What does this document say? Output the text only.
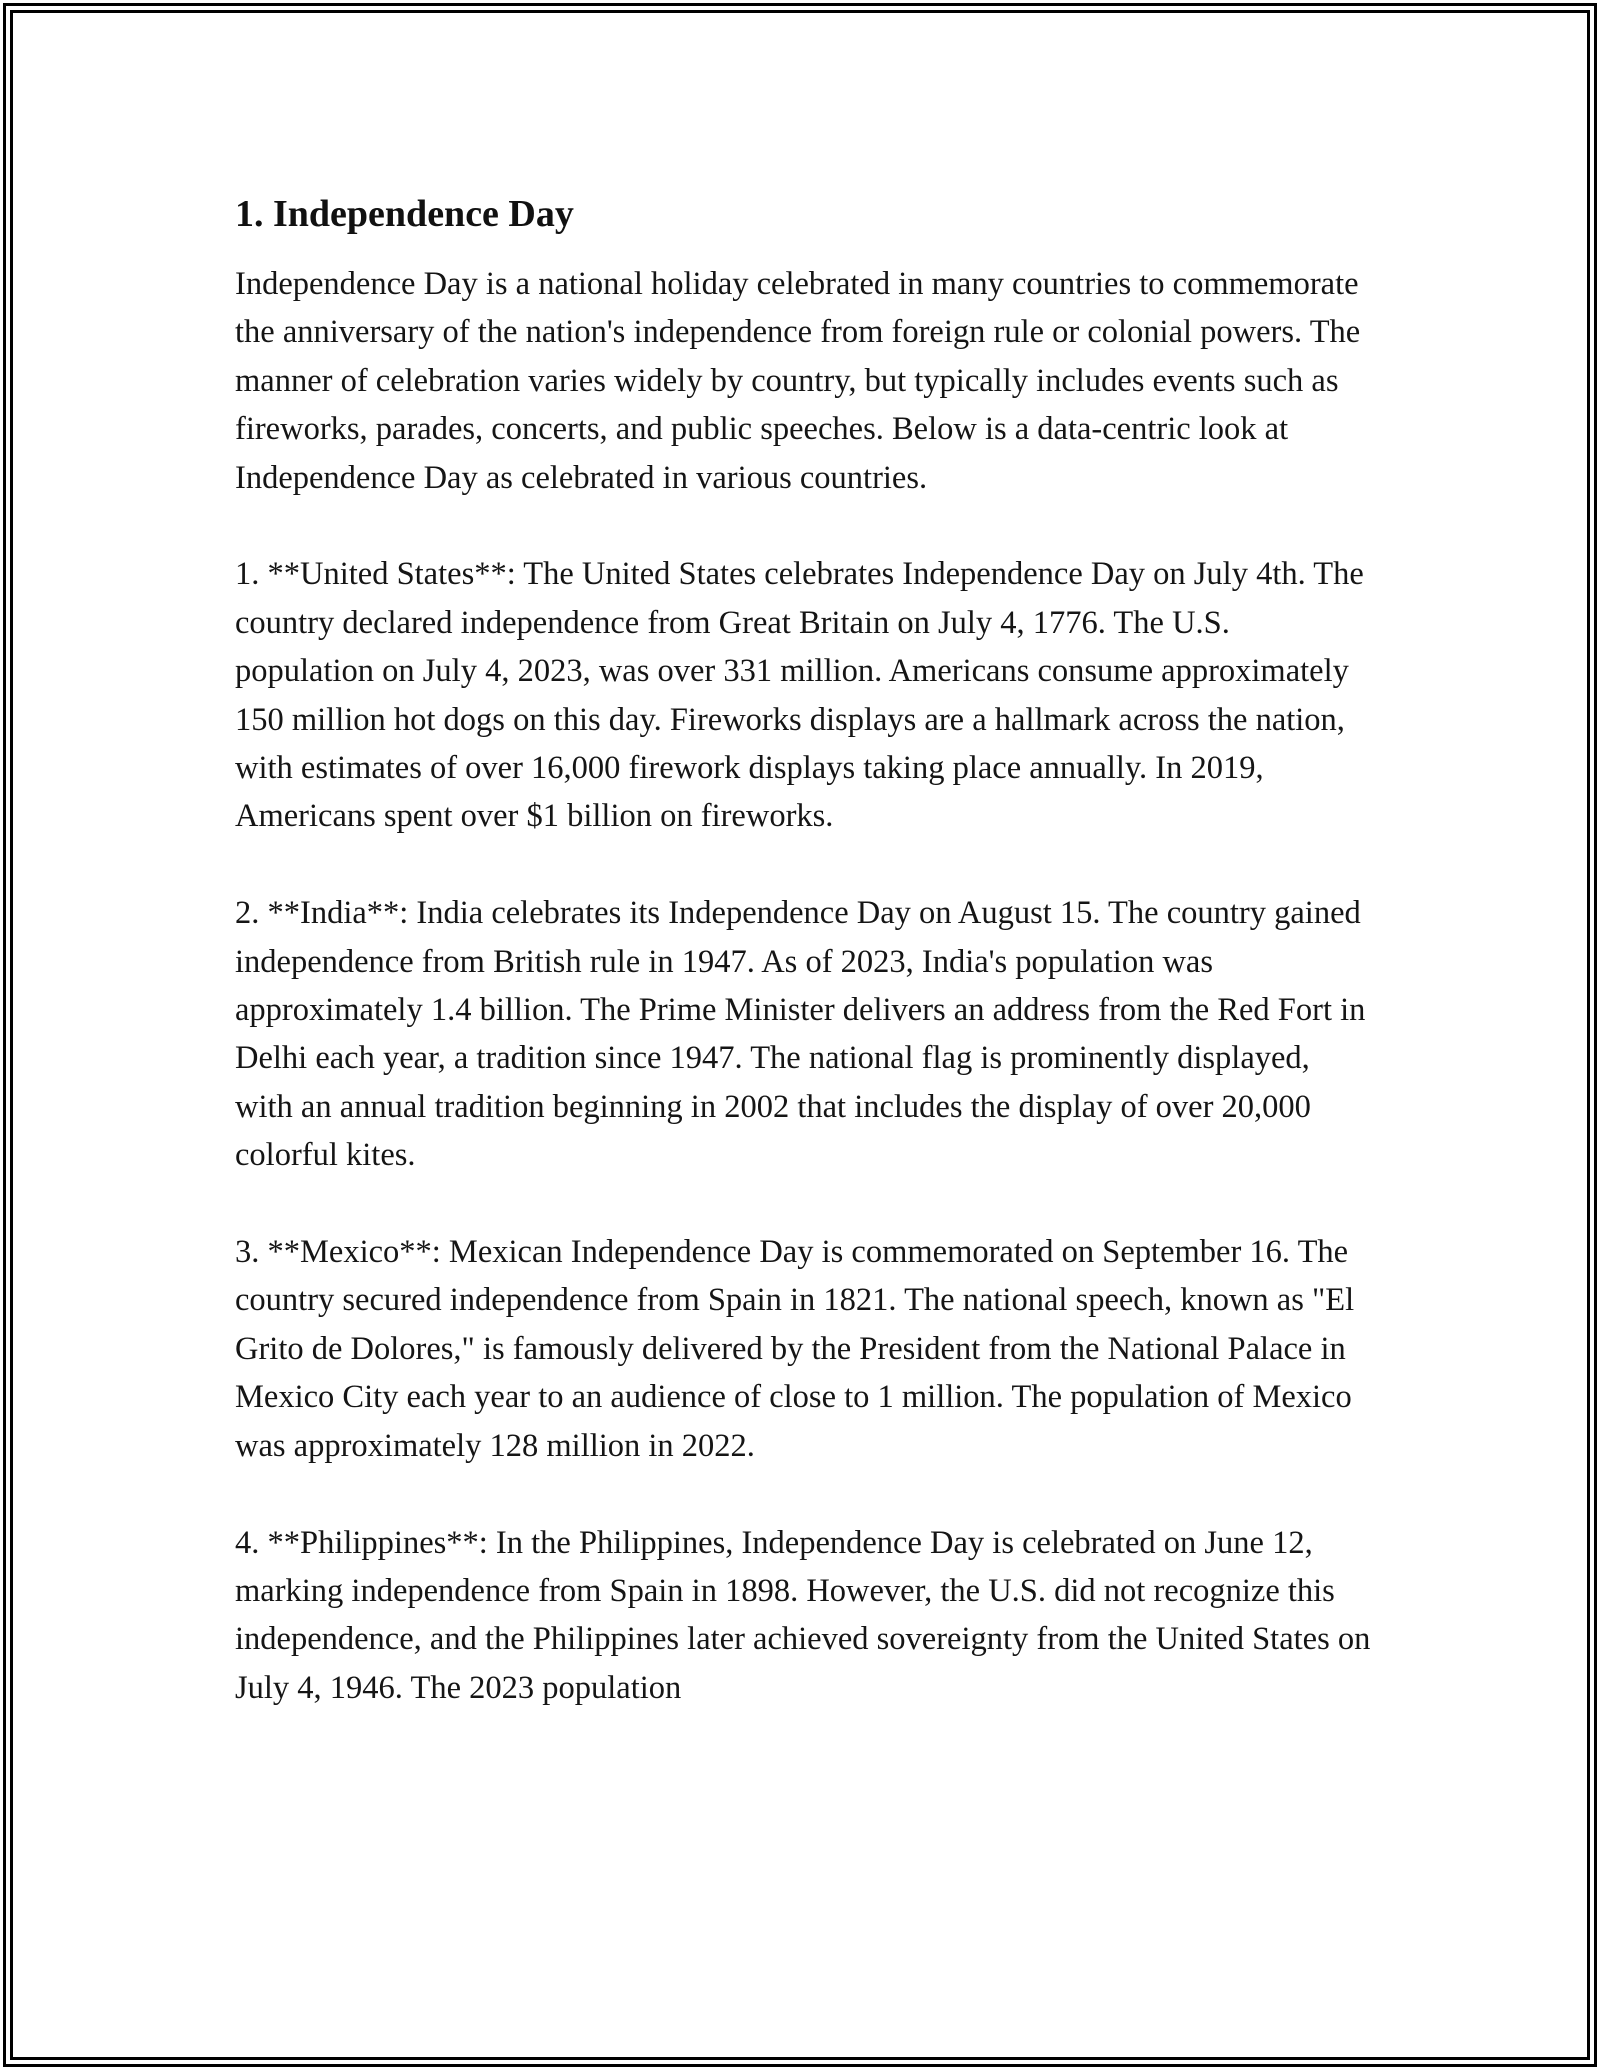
1. Independence Day

Independence Day is a national holiday celebrated in many countries to commemorate the anniversary of the nation's independence from foreign rule or colonial powers. The manner of celebration varies widely by country, but typically includes events such as fireworks, parades, concerts, and public speeches. Below is a data-centric look at Independence Day as celebrated in various countries.

1. **United States**: The United States celebrates Independence Day on July 4th. The country declared independence from Great Britain on July 4, 1776. The U.S. population on July 4, 2023, was over 331 million. Americans consume approximately 150 million hot dogs on this day. Fireworks displays are a hallmark across the nation, with estimates of over 16,000 firework displays taking place annually. In 2019, Americans spent over $1 billion on fireworks.

2. **India**: India celebrates its Independence Day on August 15. The country gained independence from British rule in 1947. As of 2023, India's population was approximately 1.4 billion. The Prime Minister delivers an address from the Red Fort in Delhi each year, a tradition since 1947. The national flag is prominently displayed, with an annual tradition beginning in 2002 that includes the display of over 20,000 colorful kites.

3. **Mexico**: Mexican Independence Day is commemorated on September 16. The country secured independence from Spain in 1821. The national speech, known as "El Grito de Dolores," is famously delivered by the President from the National Palace in Mexico City each year to an audience of close to 1 million. The population of Mexico was approximately 128 million in 2022.

4. **Philippines**: In the Philippines, Independence Day is celebrated on June 12, marking independence from Spain in 1898. However, the U.S. did not recognize this independence, and the Philippines later achieved sovereignty from the United States on July 4, 1946. The 2023 population
